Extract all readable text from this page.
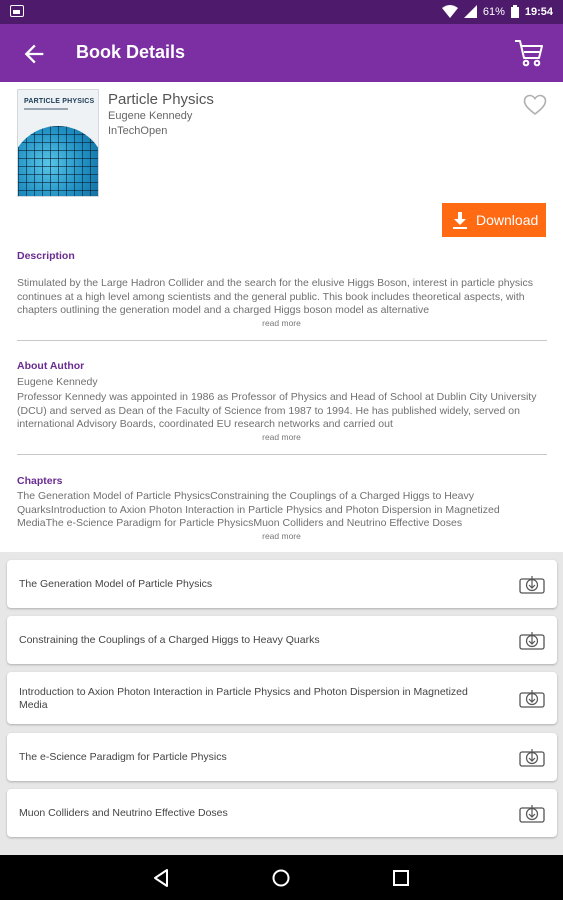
61% 19:54
Book Details
PARTICLE PHYSICS Particle Physics
Eugene Kennedy
InTechOpen
Download
Description
Stimulated by the Large Hadron Collider and the search for the elusive Higgs Boson, interest in particle physics continues at a high level among scientists and the general public. This book includes theoretical aspects, with chapters outlining the generation model and a charged Higgs boson model as alternative
read more
About Author
Eugene Kennedy
Professor Kennedy was appointed in 1986 as Professor of Physics and Head of School at Dublin City University (DCU) and served as Dean of the Faculty of Science from 1987 to 1994. He has published widely, served on international Advisory Boards, coordinated EU research networks and carried out
read more
Chapters
The Generation Model of Particle PhysicsConstraining the Couplings of a Charged Higgs to Heavy QuarksIntroduction to Axion Photon Interaction in Particle Physics and Photon Dispersion in Magnetized MediaThe e-Science Paradigm for Particle PhysicsMuon Colliders and Neutrino Effective Doses
read more
The Generation Model of Particle Physics
Constraining the Couplings of a Charged Higgs to Heavy Quarks
Introduction to Axion Photon Interaction in Particle Physics and Photon Dispersion in Magnetized Media
The e-Science Paradigm for Particle Physics
Muon Colliders and Neutrino Effective Doses
